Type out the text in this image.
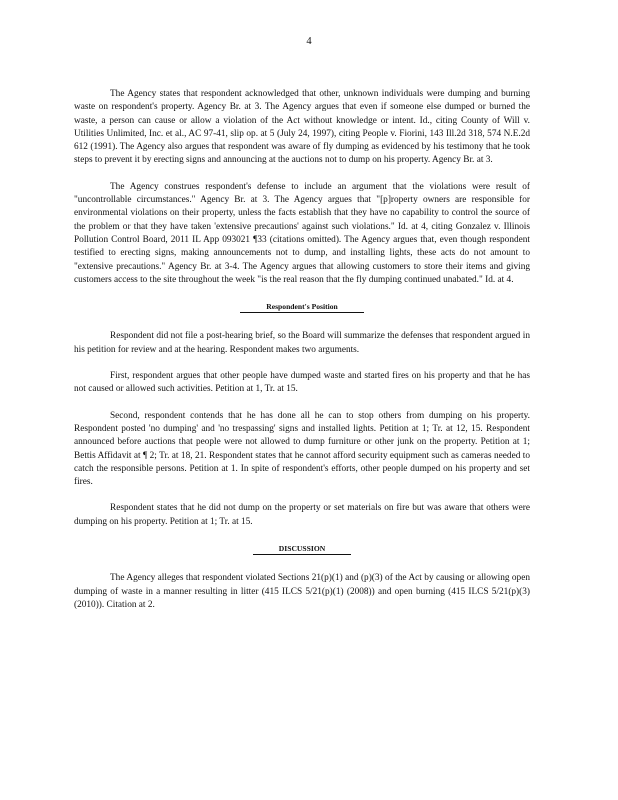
4

The Agency states that respondent acknowledged that other, unknown individuals were dumping and burning waste on respondent's property. Agency Br. at 3. The Agency argues that even if someone else dumped or burned the waste, a person can cause or allow a violation of the Act without knowledge or intent. Id., citing County of Will v. Utilities Unlimited, Inc. et al., AC 97-41, slip op. at 5 (July 24, 1997), citing People v. Fiorini, 143 Ill.2d 318, 574 N.E.2d 612 (1991). The Agency also argues that respondent was aware of fly dumping as evidenced by his testimony that he took steps to prevent it by erecting signs and announcing at the auctions not to dump on his property. Agency Br. at 3.

The Agency construes respondent's defense to include an argument that the violations were result of "uncontrollable circumstances." Agency Br. at 3. The Agency argues that "[p]roperty owners are responsible for environmental violations on their property, unless the facts establish that they have no capability to control the source of the problem or that they have taken 'extensive precautions' against such violations." Id. at 4, citing Gonzalez v. Illinois Pollution Control Board, 2011 IL App 093021 ¶33 (citations omitted). The Agency argues that, even though respondent testified to erecting signs, making announcements not to dump, and installing lights, these acts do not amount to "extensive precautions." Agency Br. at 3-4. The Agency argues that allowing customers to store their items and giving customers access to the site throughout the week "is the real reason that the fly dumping continued unabated." Id. at 4.

Respondent's Position

Respondent did not file a post-hearing brief, so the Board will summarize the defenses that respondent argued in his petition for review and at the hearing. Respondent makes two arguments.

First, respondent argues that other people have dumped waste and started fires on his property and that he has not caused or allowed such activities. Petition at 1, Tr. at 15.

Second, respondent contends that he has done all he can to stop others from dumping on his property. Respondent posted 'no dumping' and 'no trespassing' signs and installed lights. Petition at 1; Tr. at 12, 15. Respondent announced before auctions that people were not allowed to dump furniture or other junk on the property. Petition at 1; Bettis Affidavit at ¶ 2; Tr. at 18, 21. Respondent states that he cannot afford security equipment such as cameras needed to catch the responsible persons. Petition at 1. In spite of respondent's efforts, other people dumped on his property and set fires.

Respondent states that he did not dump on the property or set materials on fire but was aware that others were dumping on his property. Petition at 1; Tr. at 15.

DISCUSSION

The Agency alleges that respondent violated Sections 21(p)(1) and (p)(3) of the Act by causing or allowing open dumping of waste in a manner resulting in litter (415 ILCS 5/21(p)(1) (2008)) and open burning (415 ILCS 5/21(p)(3) (2010)). Citation at 2.
